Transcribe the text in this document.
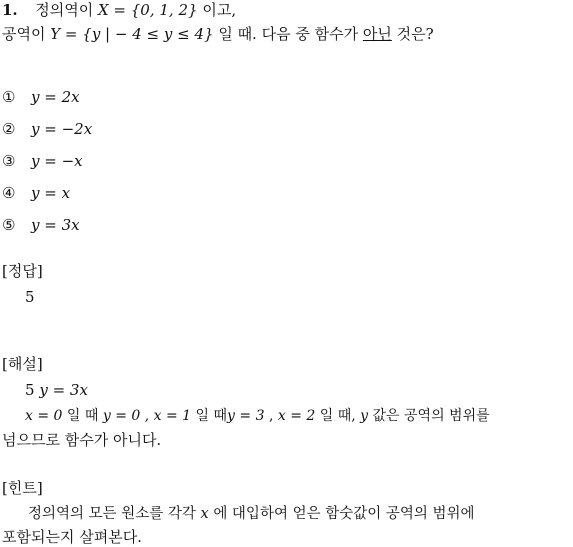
1. 정의역이 X = {0, 1, 2} 이고,
공역이 Y = {y | − 4 ≤ y ≤ 4} 일 때. 다음 중 함수가 아닌 것은?
① y = 2x
② y = −2x
③ y = −x
④ y = x
⑤ y = 3x
[정답]
5
[해설]
5 y = 3x
x = 0 일 때 y = 0 , x = 1 일 때y = 3 , x = 2 일 때, y 값은 공역의 범위를
넘으므로 함수가 아니다.
[힌트]
정의역의 모든 원소를 각각 x 에 대입하여 얻은 함숫값이 공역의 범위에
포함되는지 살펴본다.
